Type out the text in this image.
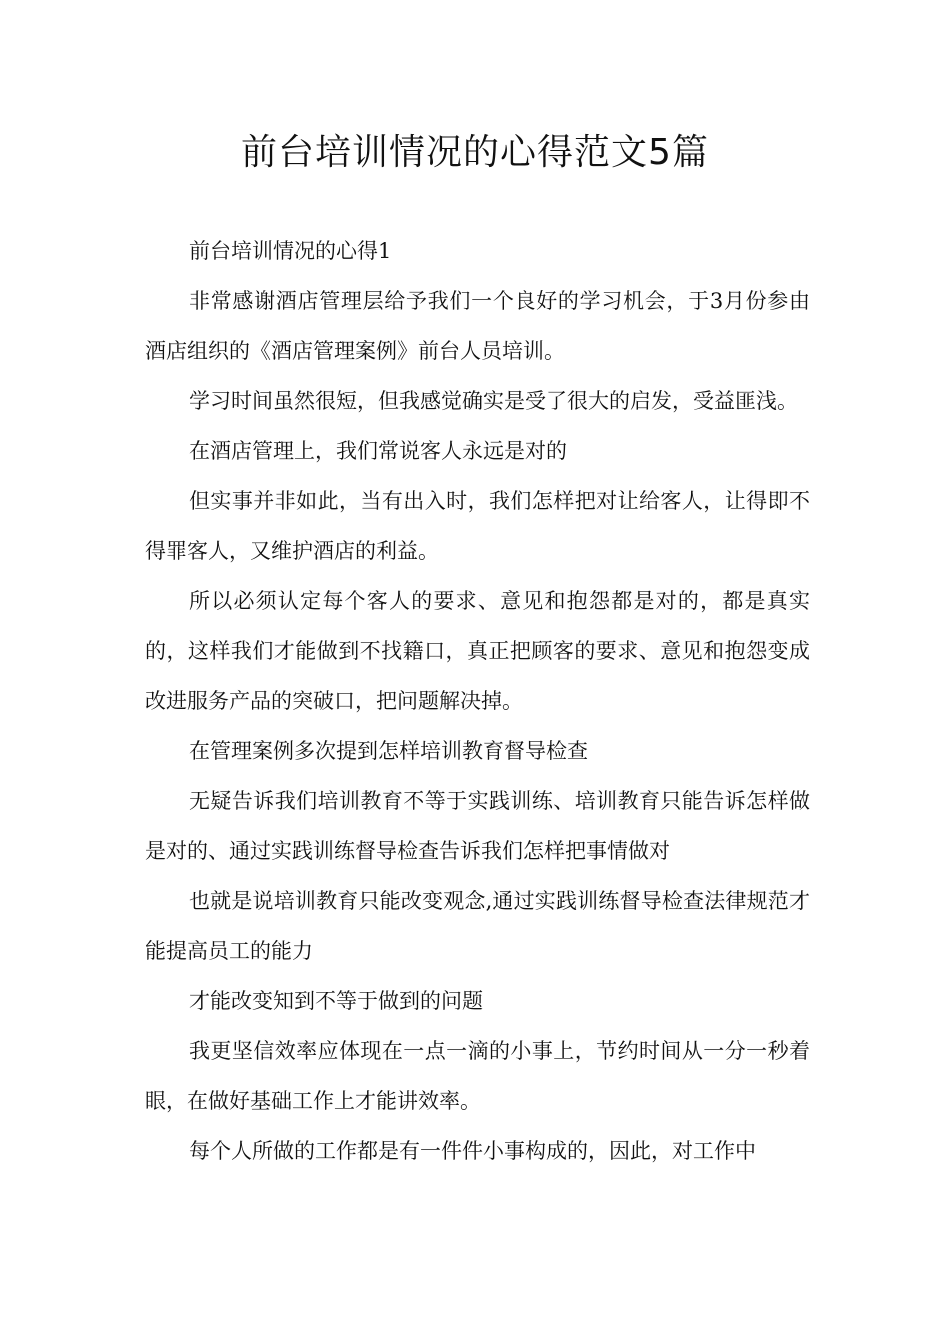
前台培训情况的心得范文5篇

前台培训情况的心得1

非常感谢酒店管理层给予我们一个良好的学习机会，于3月份参由酒店组织的《酒店管理案例》前台人员培训。

学习时间虽然很短，但我感觉确实是受了很大的启发，受益匪浅。

在酒店管理上，我们常说客人永远是对的

但实事并非如此，当有出入时，我们怎样把对让给客人，让得即不得罪客人，又维护酒店的利益。

所以必须认定每个客人的要求、意见和抱怨都是对的，都是真实的，这样我们才能做到不找籍口，真正把顾客的要求、意见和抱怨变成改进服务产品的突破口，把问题解决掉。

在管理案例多次提到怎样培训教育督导检查

无疑告诉我们培训教育不等于实践训练、培训教育只能告诉怎样做是对的、通过实践训练督导检查告诉我们怎样把事情做对

也就是说培训教育只能改变观念,通过实践训练督导检查法律规范才能提高员工的能力

才能改变知到不等于做到的问题

我更坚信效率应体现在一点一滴的小事上，节约时间从一分一秒着眼，在做好基础工作上才能讲效率。

每个人所做的工作都是有一件件小事构成的，因此，对工作中
